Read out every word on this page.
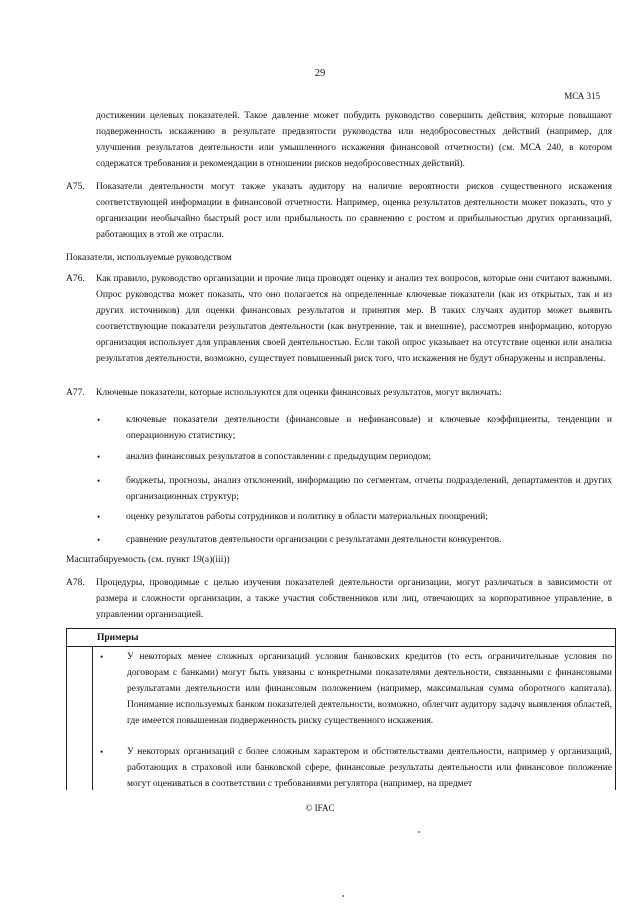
29
МСА 315
достижении целевых показателей. Такое давление может побудить руководство совершить действия, которые повышают подверженность искажению в результате предвзятости руководства или недобросовестных действий (например, для улучшения результатов деятельности или умышленного искажения финансовой отчетности) (см. МСА 240, в котором содержатся требования и рекомендации в отношении рисков недобросовестных действий).
A75. Показатели деятельности могут также указать аудитору на наличие вероятности рисков существенного искажения соответствующей информации в финансовой отчетности. Например, оценка результатов деятельности может показать, что у организации необычайно быстрый рост или прибыльность по сравнению с ростом и прибыльностью других организаций, работающих в этой же отрасли.
Показатели, используемые руководством
A76. Как правило, руководство организации и прочие лица проводят оценку и анализ тех вопросов, которые они считают важными. Опрос руководства может показать, что оно полагается на определенные ключевые показатели (как из открытых, так и из других источников) для оценки финансовых результатов и принятия мер. В таких случаях аудитор может выявить соответствующие показатели результатов деятельности (как внутренние, так и внешние), рассмотрев информацию, которую организация использует для управления своей деятельностью. Если такой опрос указывает на отсутствие оценки или анализа результатов деятельности, возможно, существует повышенный риск того, что искажения не будут обнаружены и исправлены.
A77. Ключевые показатели, которые используются для оценки финансовых результатов, могут включать:
•	ключевые показатели деятельности (финансовые и нефинансовые) и ключевые коэффициенты, тенденции и операционную статистику;
•	анализ финансовых результатов в сопоставлении с предыдущим периодом;
•	бюджеты, прогнозы, анализ отклонений, информацию по сегментам, отчеты подразделений, департаментов и других организационных структур;
•	оценку результатов работы сотрудников и политику в области материальных поощрений;
•	сравнение результатов деятельности организации с результатами деятельности конкурентов.
Масштабируемость (см. пункт 19(a)(iii))
A78. Процедуры, проводимые с целью изучения показателей деятельности организации, могут различаться в зависимости от размера и сложности организации, а также участия собственников или лиц, отвечающих за корпоративное управление, в управлении организацией.
Примеры
•	У некоторых менее сложных организаций условия банковских кредитов (то есть ограничительные условия по договорам с банками) могут быть увязаны с конкретными показателями деятельности, связанными с финансовыми результатами деятельности или финансовым положением (например, максимальная сумма оборотного капитала). Понимание используемых банком показателей деятельности, возможно, облегчит аудитору задачу выявления областей, где имеется повышенная подверженность риску существенного искажения.
•	У некоторых организаций с более сложным характером и обстоятельствами деятельности, например у организаций, работающих в страховой или банковской сфере, финансовые результаты деятельности или финансовое положение могут оцениваться в соответствии с требованиями регулятора (например, на предмет
© IFAC
